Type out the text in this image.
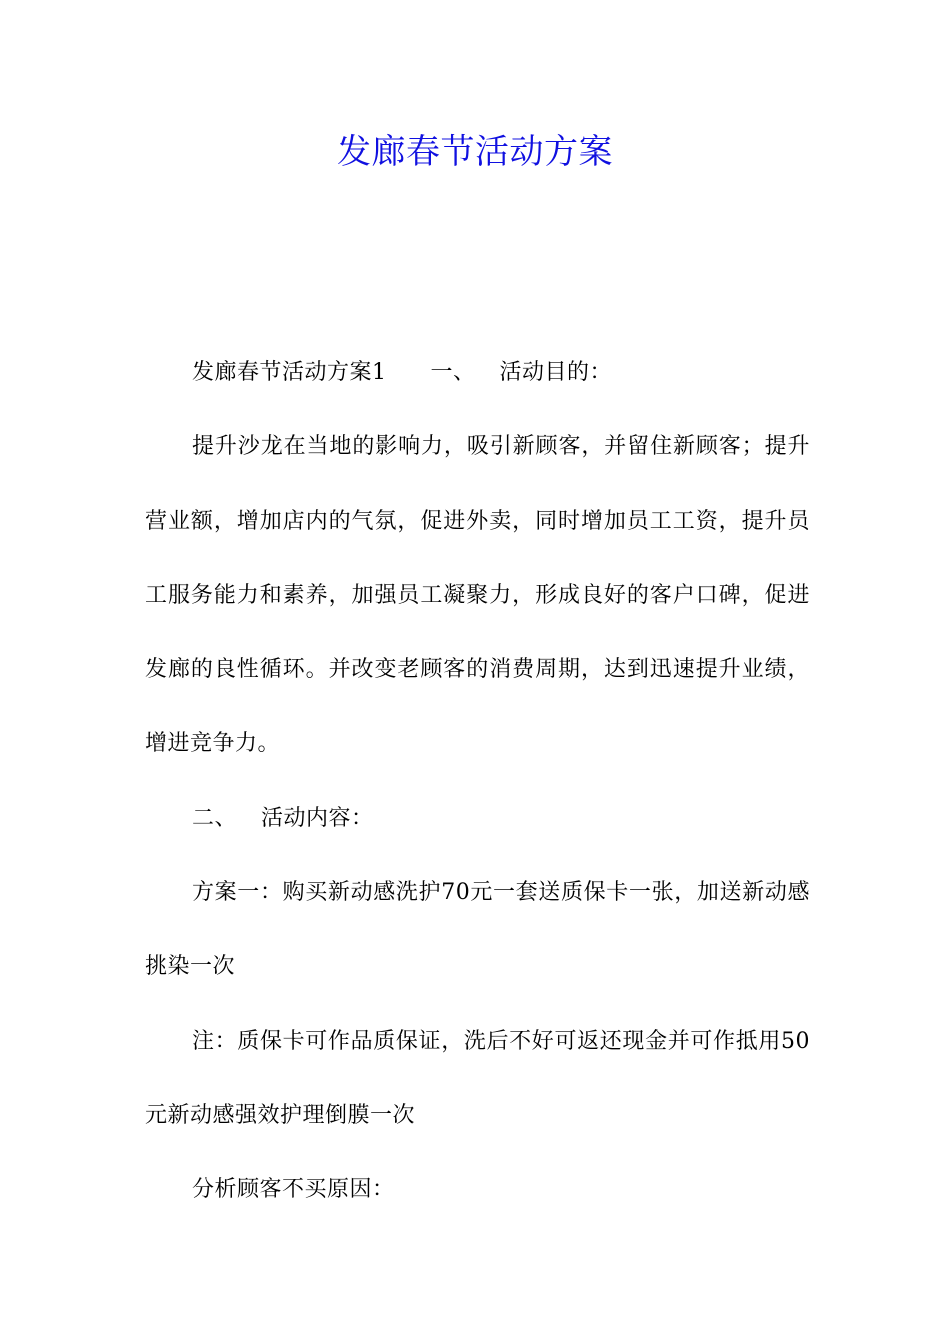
发廊春节活动方案

发廊春节活动方案1 一、 活动目的：

提升沙龙在当地的影响力，吸引新顾客，并留住新顾客；提升营业额，增加店内的气氛，促进外卖，同时增加员工工资，提升员工服务能力和素养，加强员工凝聚力，形成良好的客户口碑，促进发廊的良性循环。并改变老顾客的消费周期，达到迅速提升业绩，增进竞争力。

二、 活动内容：

方案一：购买新动感洗护70元一套送质保卡一张，加送新动感挑染一次

注：质保卡可作品质保证，洗后不好可返还现金并可作抵用50元新动感强效护理倒膜一次

分析顾客不买原因：
